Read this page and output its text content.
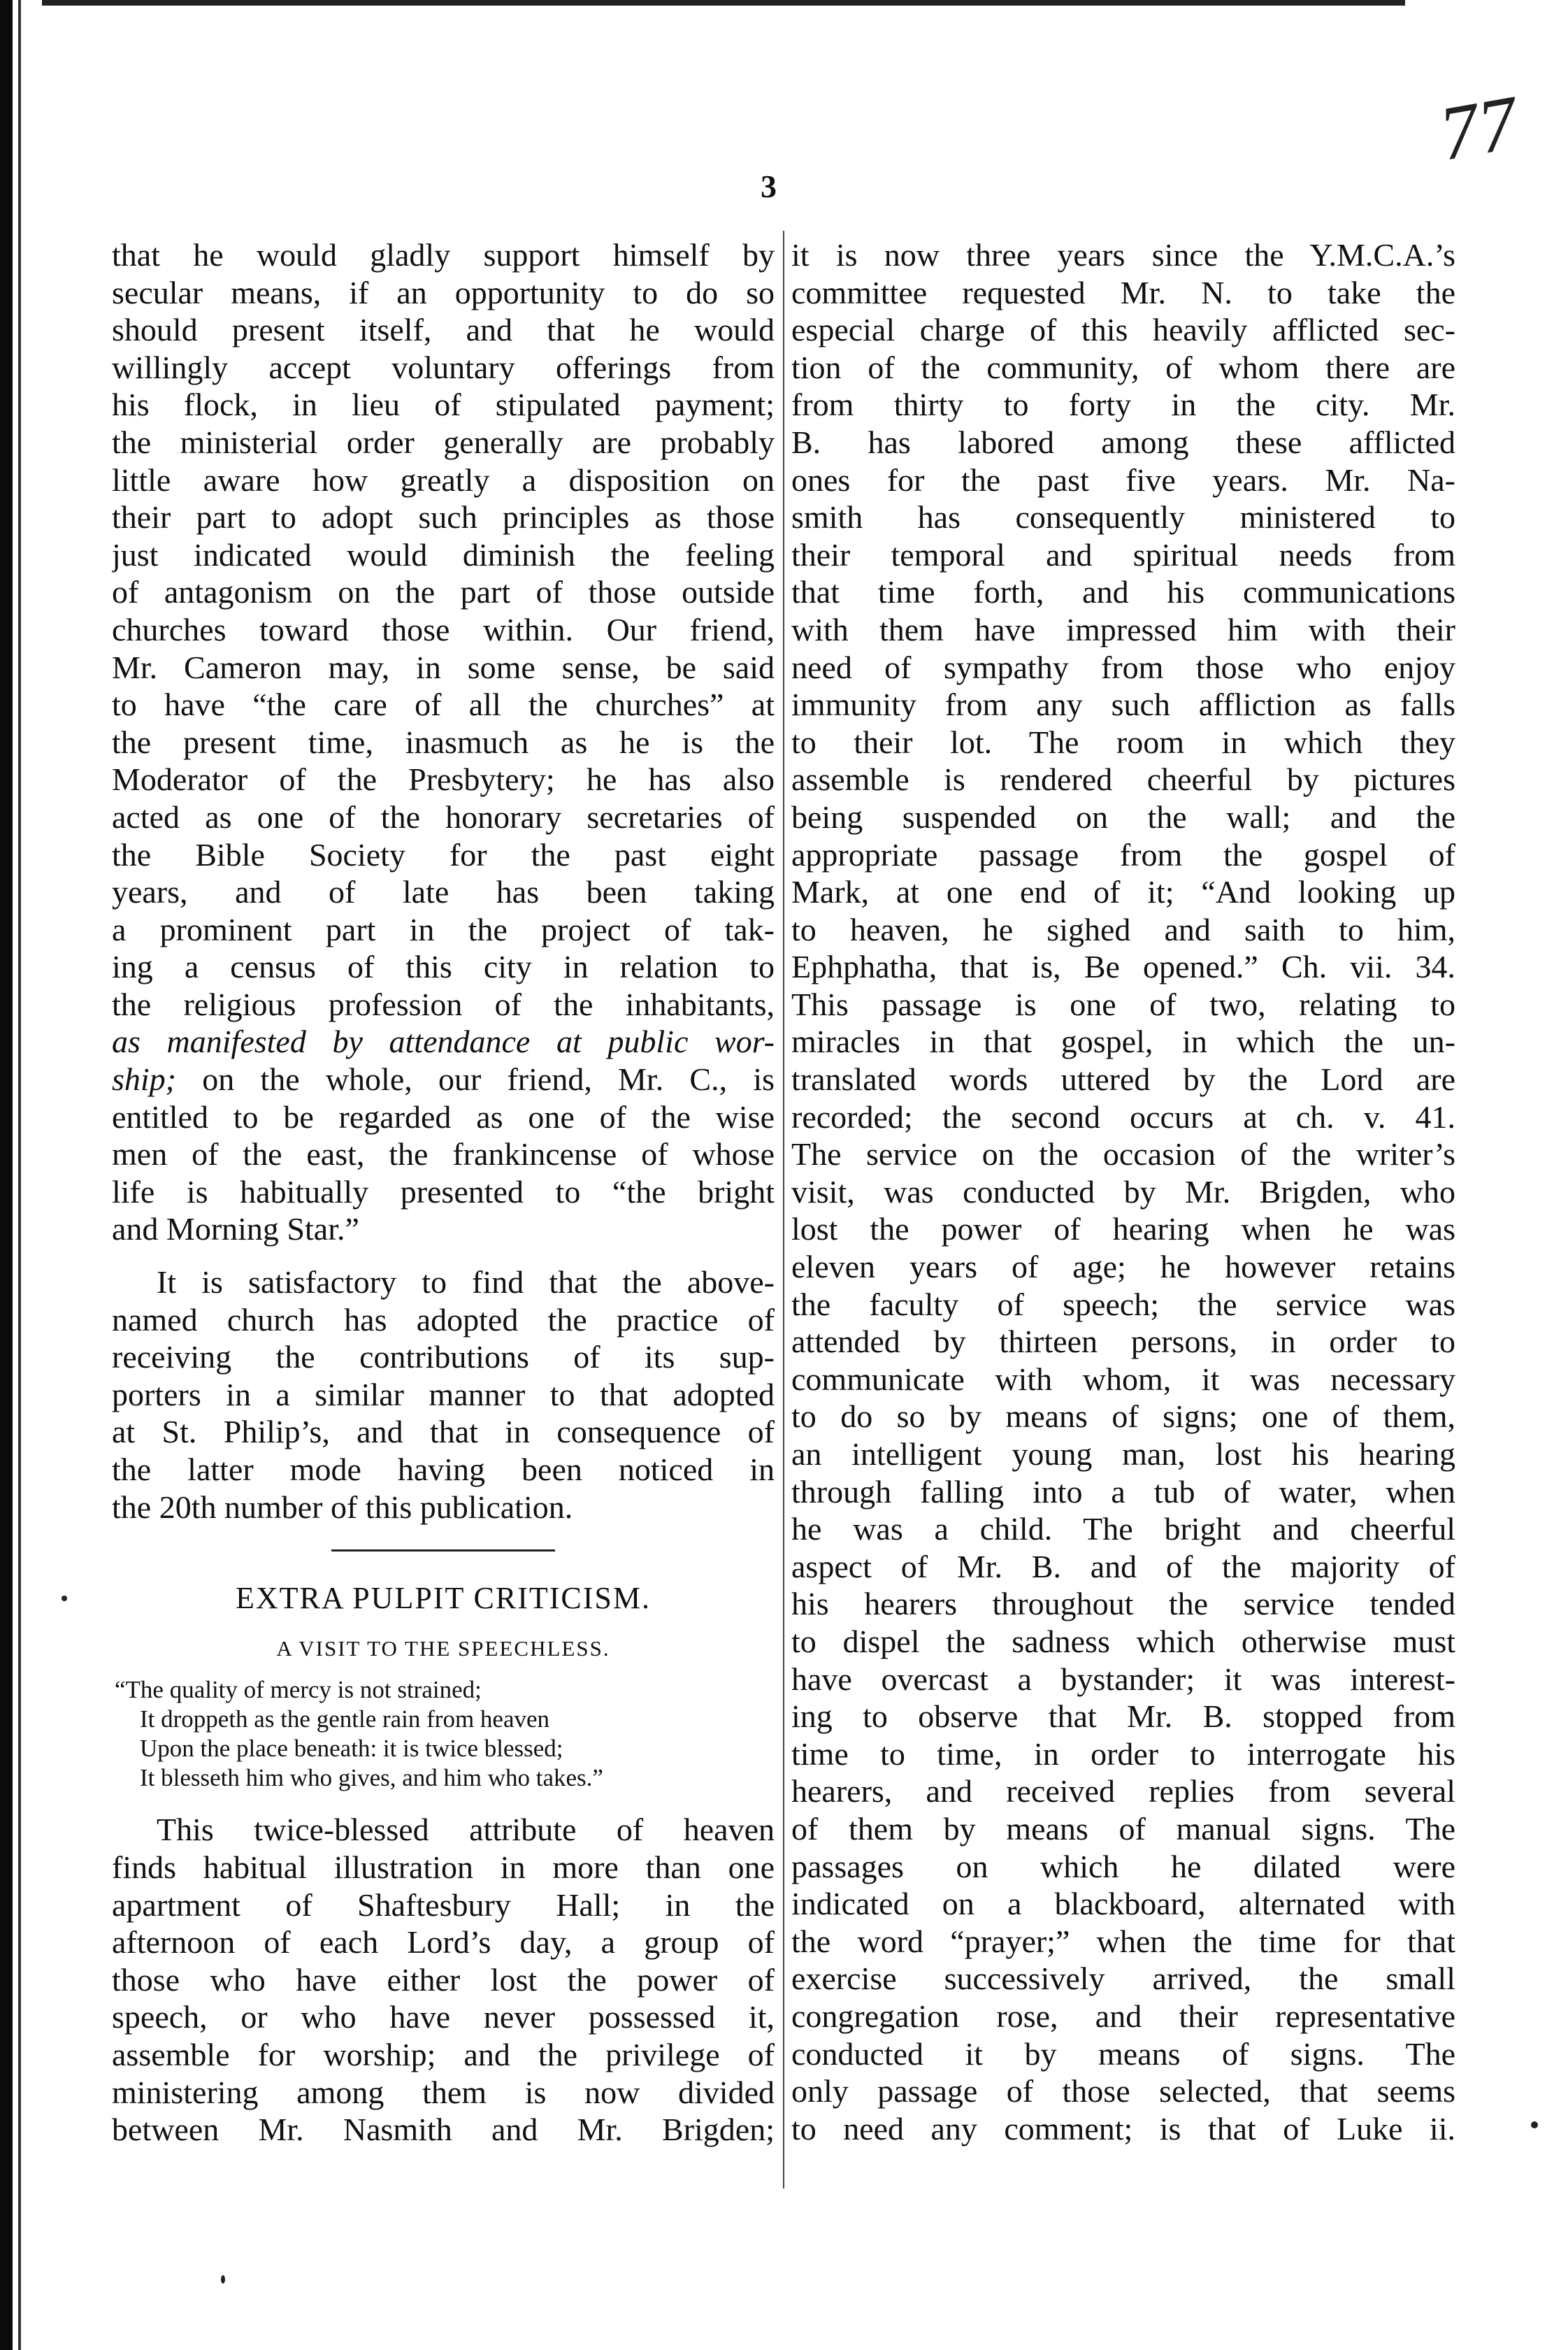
3
77
that he would gladly support himself by
secular means, if an opportunity to do so
should present itself, and that he would
willingly accept voluntary offerings from
his flock, in lieu of stipulated payment;
the ministerial order generally are probably
little aware how greatly a disposition on
their part to adopt such principles as those
just indicated would diminish the feeling
of antagonism on the part of those outside
churches toward those within. Our friend,
Mr. Cameron may, in some sense, be said
to have “the care of all the churches” at
the present time, inasmuch as he is the
Moderator of the Presbytery; he has also
acted as one of the honorary secretaries of
the Bible Society for the past eight
years, and of late has been taking
a prominent part in the project of tak-
ing a census of this city in relation to
the religious profession of the inhabitants,
as manifested by attendance at public wor-
ship; on the whole, our friend, Mr. C., is
entitled to be regarded as one of the wise
men of the east, the frankincense of whose
life is habitually presented to “the bright
and Morning Star.”
It is satisfactory to find that the above-
named church has adopted the practice of
receiving the contributions of its sup-
porters in a similar manner to that adopted
at St. Philip’s, and that in consequence of
the latter mode having been noticed in
the 20th number of this publication.
EXTRA PULPIT CRITICISM.
A VISIT TO THE SPEECHLESS.
“The quality of mercy is not strained;
It droppeth as the gentle rain from heaven
Upon the place beneath: it is twice blessed;
It blesseth him who gives, and him who takes.”
This twice-blessed attribute of heaven
finds habitual illustration in more than one
apartment of Shaftesbury Hall; in the
afternoon of each Lord’s day, a group of
those who have either lost the power of
speech, or who have never possessed it,
assemble for worship; and the privilege of
ministering among them is now divided
between Mr. Nasmith and Mr. Brigden;
it is now three years since the Y.M.C.A.’s
committee requested Mr. N. to take the
especial charge of this heavily afflicted sec-
tion of the community, of whom there are
from thirty to forty in the city. Mr.
B. has labored among these afflicted
ones for the past five years. Mr. Na-
smith has consequently ministered to
their temporal and spiritual needs from
that time forth, and his communications
with them have impressed him with their
need of sympathy from those who enjoy
immunity from any such affliction as falls
to their lot. The room in which they
assemble is rendered cheerful by pictures
being suspended on the wall; and the
appropriate passage from the gospel of
Mark, at one end of it; “And looking up
to heaven, he sighed and saith to him,
Ephphatha, that is, Be opened.” Ch. vii. 34.
This passage is one of two, relating to
miracles in that gospel, in which the un-
translated words uttered by the Lord are
recorded; the second occurs at ch. v. 41.
The service on the occasion of the writer’s
visit, was conducted by Mr. Brigden, who
lost the power of hearing when he was
eleven years of age; he however retains
the faculty of speech; the service was
attended by thirteen persons, in order to
communicate with whom, it was necessary
to do so by means of signs; one of them,
an intelligent young man, lost his hearing
through falling into a tub of water, when
he was a child. The bright and cheerful
aspect of Mr. B. and of the majority of
his hearers throughout the service tended
to dispel the sadness which otherwise must
have overcast a bystander; it was interest-
ing to observe that Mr. B. stopped from
time to time, in order to interrogate his
hearers, and received replies from several
of them by means of manual signs. The
passages on which he dilated were
indicated on a blackboard, alternated with
the word “prayer;” when the time for that
exercise successively arrived, the small
congregation rose, and their representative
conducted it by means of signs. The
only passage of those selected, that seems
to need any comment; is that of Luke ii.
